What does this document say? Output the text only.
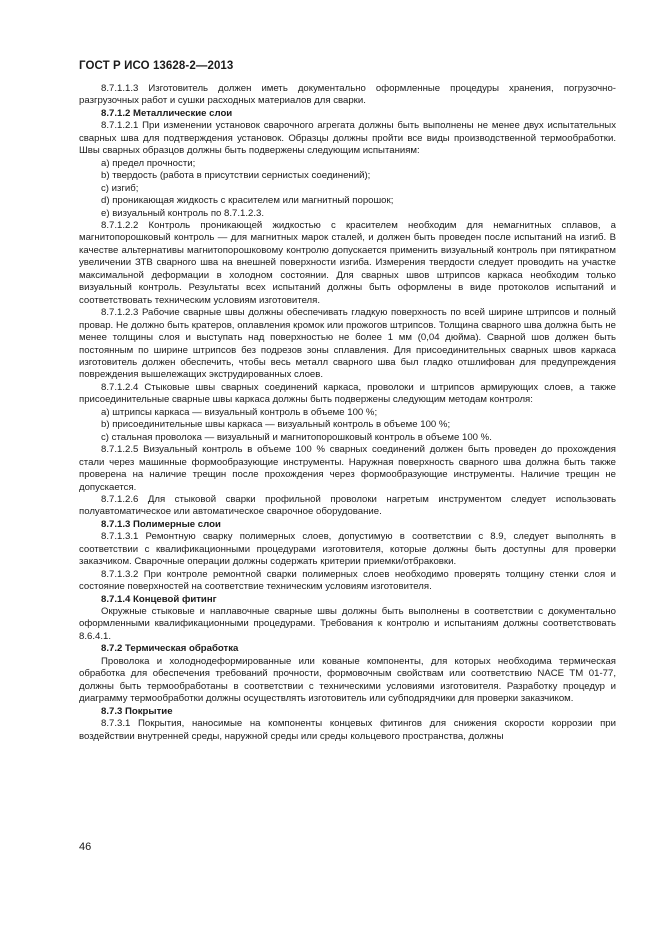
ГОСТ Р ИСО 13628-2—2013

8.7.1.1.3 Изготовитель должен иметь документально оформленные процедуры хранения, погрузочно-разгрузочных работ и сушки расходных материалов для сварки.

8.7.1.2 Металлические слои

8.7.1.2.1 При изменении установок сварочного агрегата должны быть выполнены не менее двух испытательных сварных шва для подтверждения установок. Образцы должны пройти все виды производственной термообработки. Швы сварных образцов должны быть подвержены следующим испытаниям:

a) предел прочности;

b) твердость (работа в присутствии сернистых соединений);

c) изгиб;

d) проникающая жидкость с красителем или магнитный порошок;

e) визуальный контроль по 8.7.1.2.3.

8.7.1.2.2 Контроль проникающей жидкостью с красителем необходим для немагнитных сплавов, а магнитопорошковый контроль — для магнитных марок сталей, и должен быть проведен после испытаний на изгиб. В качестве альтернативы магнитопорошковому контролю допускается применить визуальный контроль при пятикратном увеличении ЗТВ сварного шва на внешней поверхности изгиба. Измерения твердости следует проводить на участке максимальной деформации в холодном состоянии. Для сварных швов штрипсов каркаса необходим только визуальный контроль. Результаты всех испытаний должны быть оформлены в виде протоколов испытаний и соответствовать техническим условиям изготовителя.

8.7.1.2.3 Рабочие сварные швы должны обеспечивать гладкую поверхность по всей ширине штрипсов и полный провар. Не должно быть кратеров, оплавления кромок или прожогов штрипсов. Толщина сварного шва должна быть не менее толщины слоя и выступать над поверхностью не более 1 мм (0,04 дюйма). Сварной шов должен быть постоянным по ширине штрипсов без подрезов зоны сплавления. Для присоединительных сварных швов каркаса изготовитель должен обеспечить, чтобы весь металл сварного шва был гладко отшлифован для предупреждения повреждения вышележащих экструдированных слоев.

8.7.1.2.4 Стыковые швы сварных соединений каркаса, проволоки и штрипсов армирующих слоев, а также присоединительные сварные швы каркаса должны быть подвержены следующим методам контроля:

a) штрипсы каркаса — визуальный контроль в объеме 100 %;

b) присоединительные швы каркаса — визуальный контроль в объеме 100 %;

c) стальная проволока — визуальный и магнитопорошковый контроль в объеме 100 %.

8.7.1.2.5 Визуальный контроль в объеме 100 % сварных соединений должен быть проведен до прохождения стали через машинные формообразующие инструменты. Наружная поверхность сварного шва должна быть также проверена на наличие трещин после прохождения через формообразующие инструменты. Наличие трещин не допускается.

8.7.1.2.6 Для стыковой сварки профильной проволоки нагретым инструментом следует использовать полуавтоматическое или автоматическое сварочное оборудование.

8.7.1.3 Полимерные слои

8.7.1.3.1 Ремонтную сварку полимерных слоев, допустимую в соответствии с 8.9, следует выполнять в соответствии с квалификационными процедурами изготовителя, которые должны быть доступны для проверки заказчиком. Сварочные операции должны содержать критерии приемки/отбраковки.

8.7.1.3.2 При контроле ремонтной сварки полимерных слоев необходимо проверять толщину стенки слоя и состояние поверхностей на соответствие техническим условиям изготовителя.

8.7.1.4 Концевой фитинг

Окружные стыковые и наплавочные сварные швы должны быть выполнены в соответствии с документально оформленными квалификационными процедурами. Требования к контролю и испытаниям должны соответствовать 8.6.4.1.

8.7.2 Термическая обработка

Проволока и холоднодеформированные или кованые компоненты, для которых необходима термическая обработка для обеспечения требований прочности, формовочным свойствам или соответствию NACE TM 01-77, должны быть термообработаны в соответствии с техническими условиями изготовителя. Разработку процедур и диаграмму термообработки должны осуществлять изготовитель или субподрядчики для проверки заказчиком.

8.7.3 Покрытие

8.7.3.1 Покрытия, наносимые на компоненты концевых фитингов для снижения скорости коррозии при воздействии внутренней среды, наружной среды или среды кольцевого пространства, должны

46
